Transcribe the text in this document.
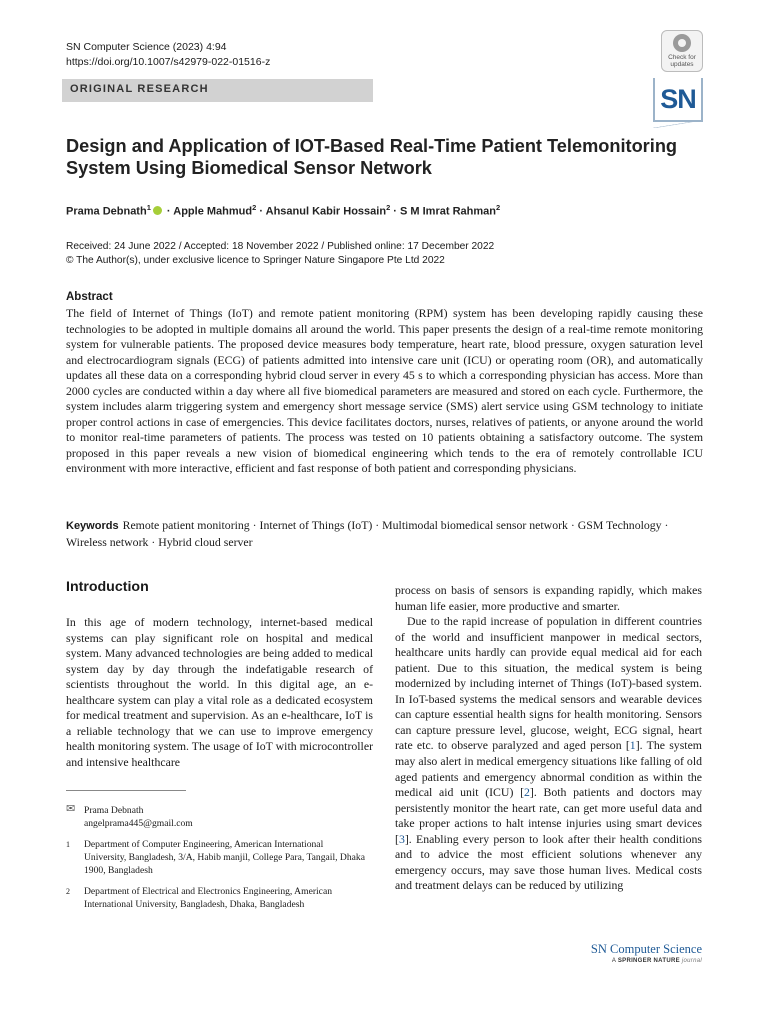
SN Computer Science (2023) 4:94
https://doi.org/10.1007/s42979-022-01516-z	Check for updates
SN
ORIGINAL RESEARCH
Design and Application of IOT-Based Real-Time Patient Telemonitoring System Using Biomedical Sensor Network
Prama Debnath$^1$ · Apple Mahmud$^2$ · Ahsanul Kabir Hossain$^2$ · S M Imrat Rahman$^2$
Received: 24 June 2022 / Accepted: 18 November 2022 / Published online: 17 December 2022
© The Author(s), under exclusive licence to Springer Nature Singapore Pte Ltd 2022
Abstract

The field of Internet of Things (IoT) and remote patient monitoring (RPM) system has been developing rapidly causing these technologies to be adopted in multiple domains all around the world. This paper presents the design of a real-time remote monitoring system for vulnerable patients. The proposed device measures body temperature, heart rate, blood pressure, oxygen saturation level and electrocardiogram signals (ECG) of patients admitted into intensive care unit (ICU) or operating room (OR), and automatically updates all these data on a corresponding hybrid cloud server in every 45 s to which a corresponding physician has access. More than 2000 cycles are conducted within a day where all five biomedical parameters are measured and stored on each cycle. Furthermore, the system includes alarm triggering system and emergency short message service (SMS) alert service using GSM technology to initiate proper control actions in case of emergencies. This device facilitates doctors, nurses, relatives of patients, or anyone around the world to monitor real-time parameters of patients. The process was tested on 10 patients obtaining a satisfactory outcome. The system proposed in this paper reveals a new vision of biomedical engineering which tends to the era of remotely controllable ICU environment with more interactive, efficient and fast response of both patient and corresponding physicians.

Keywords Remote patient monitoring · Internet of Things (IoT) · Multimodal biomedical sensor network · GSM Technology · Wireless network · Hybrid cloud server

Introduction

In this age of modern technology, internet-based medical systems can play significant role on hospital and medical system. Many advanced technologies are being added to medical system day by day through the indefatigable research of scientists throughout the world. In this digital age, an e-healthcare system can play a vital role as a dedicated ecosystem for medical treatment and supervision. As an e-healthcare, IoT is a reliable technology that we can use to improve emergency health monitoring system. The usage of IoT with microcontroller and intensive healthcare

process on basis of sensors is expanding rapidly, which makes human life easier, more productive and smarter.

Due to the rapid increase of population in different countries of the world and insufficient manpower in medical sectors, healthcare units hardly can provide equal medical aid for each patient. Due to this situation, the medical system is being modernized by including internet of Things (IoT)-based system. In IoT-based systems the medical sensors and wearable devices can capture essential health signs for health monitoring. Sensors can capture pressure level, glucose, weight, ECG signal, heart rate etc. to observe paralyzed and aged person [1]. The system may also alert in medical emergency situations like falling of old aged patients and emergency abnormal condition as within the medical aid unit (ICU) [2]. Both patients and doctors may persistently monitor the heart rate, can get more useful data and take proper actions to halt intense injuries using smart devices [3]. Enabling every person to look after their health conditions and to advice the most efficient solutions whenever any emergency occurs, may save those human lives. Medical costs and treatment delays can be reduced by utilizing

✉ Prama Debnath
angelprama445@gmail.com
1	Department of Computer Engineering, American International University, Bangladesh, 3/A, Habib manjil, College Para, Tangail, Dhaka 1900, Bangladesh
2	Department of Electrical and Electronics Engineering, American International University, Bangladesh, Dhaka, Bangladesh
SN Computer Science
A SPRINGER NATURE journal
